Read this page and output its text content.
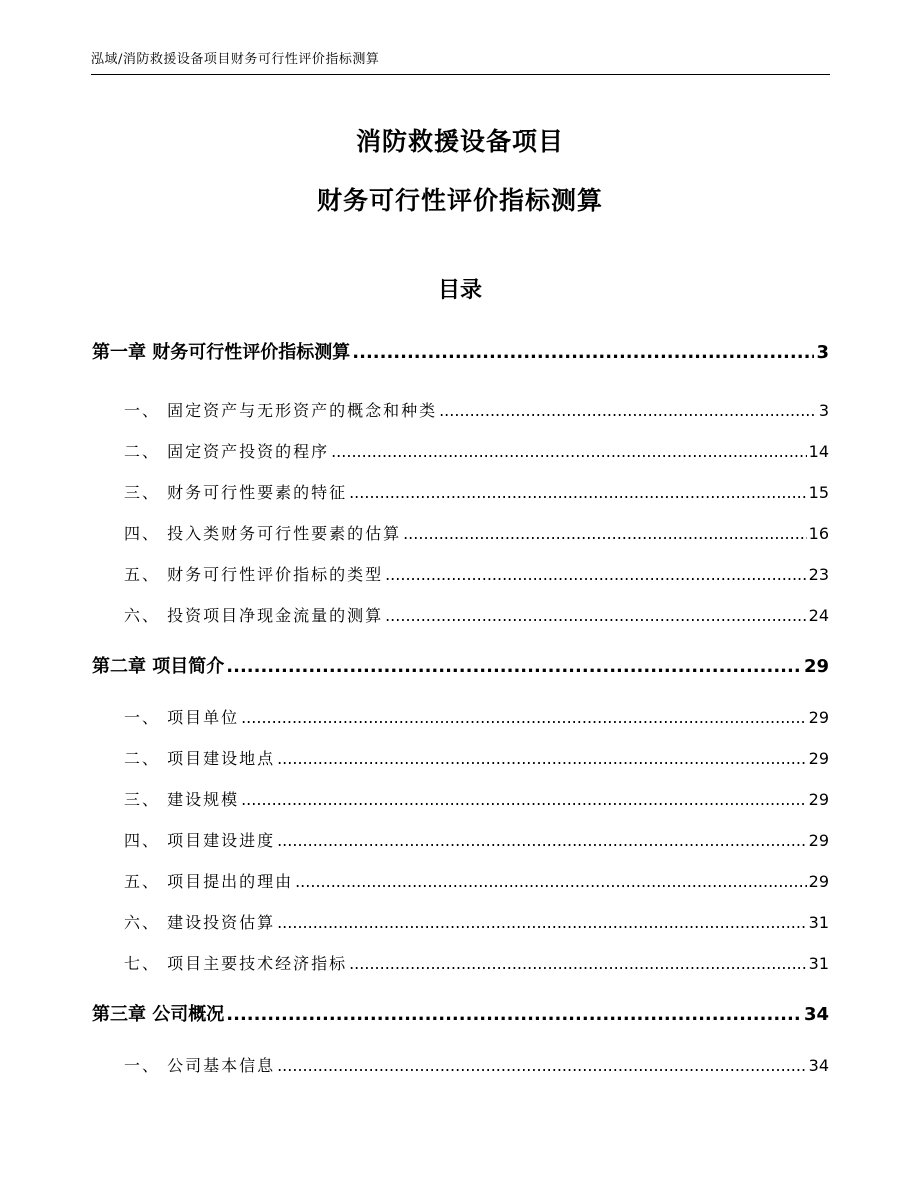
泓域/消防救援设备项目财务可行性评价指标测算
消防救援设备项目
财务可行性评价指标测算
目录
第一章 财务可行性评价指标测算 .....	3
一、 固定资产与无形资产的概念和种类 .....	3
二、 固定资产投资的程序 .....	14
三、 财务可行性要素的特征 .....	15
四、 投入类财务可行性要素的估算 .....	16
五、 财务可行性评价指标的类型 .....	23
六、 投资项目净现金流量的测算 .....	24
第二章 项目简介 .....	29
一、 项目单位 .....	29
二、 项目建设地点 .....	29
三、 建设规模 .....	29
四、 项目建设进度 .....	29
五、 项目提出的理由 .....	29
六、 建设投资估算 .....	31
七、 项目主要技术经济指标 .....	31
第三章 公司概况 .....	34
一、 公司基本信息 .....	34
